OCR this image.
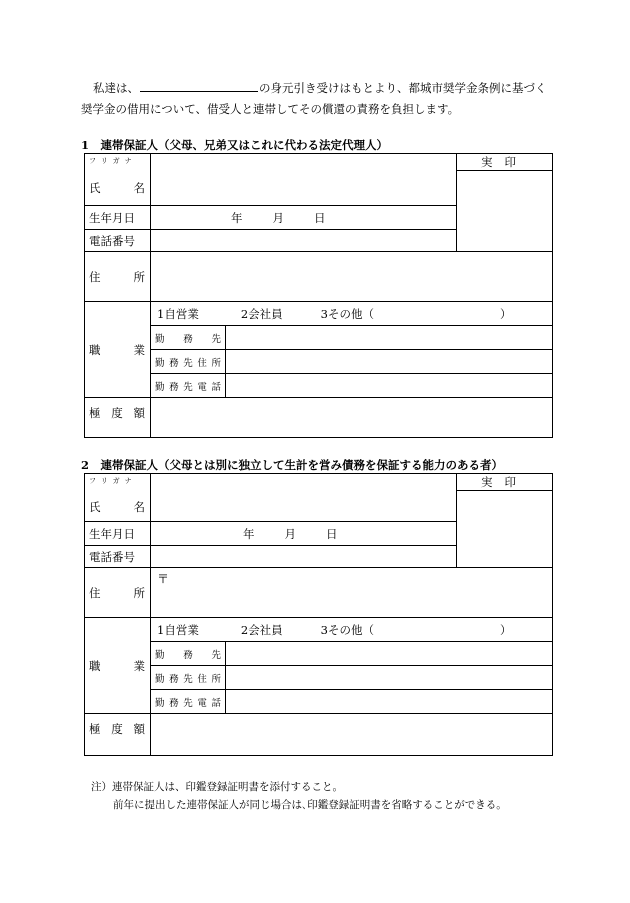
私達は、	の身元引き受けはもとより、都城市奨学金条例に基づく
奨学金の借用について、借受人と連帯してその償還の責務を負担します。
1　連帯保証人（父母、兄弟又はこれに代わる法定代理人）
フリガナ
氏 名			実印

生年月日	年 月 日		

電話番号			

住 所			

職 業	1自営業 2会社員 3その他（ ）		

	勤 務 先		

	勤 務 先 住 所		

	勤 務 先 電 話		

極 度 額			

2　連帯保証人（父母とは別に独立して生計を営み債務を保証する能力のある者）
フリガナ
氏 名			実印

生年月日	年 月 日		

電話番号			

住 所	〒		

職 業	1自営業 2会社員 3その他（ ）		

	勤 務 先		

	勤 務 先 住 所		

	勤 務 先 電 話		

極 度 額			

注）連帯保証人は、印鑑登録証明書を添付すること。
前年に提出した連帯保証人が同じ場合は､印鑑登録証明書を省略することができる。
